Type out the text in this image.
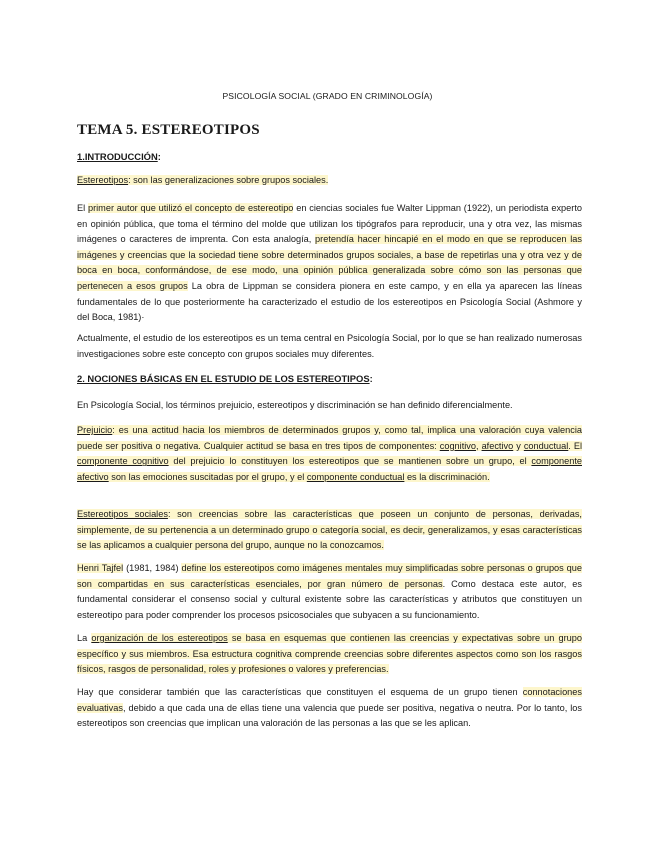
PSICOLOGÍA SOCIAL (GRADO EN CRIMINOLOGÍA)
TEMA 5. ESTEREOTIPOS
1.INTRODUCCIÓN:

Estereotipos: son las generalizaciones sobre grupos sociales.

El primer autor que utilizó el concepto de estereotipo en ciencias sociales fue Walter Lippman (1922), un periodista experto en opinión pública, que toma el término del molde que utilizan los tipógrafos para reproducir, una y otra vez, las mismas imágenes o caracteres de imprenta. Con esta analogía, pretendía hacer hincapié en el modo en que se reproducen las imágenes y creencias que la sociedad tiene sobre determinados grupos sociales, a base de repetirlas una y otra vez y de boca en boca, conformándose, de ese modo, una opinión pública generalizada sobre cómo son las personas que pertenecen a esos grupos La obra de Lippman se considera pionera en este campo, y en ella ya aparecen las líneas fundamentales de lo que posteriormente ha caracterizado el estudio de los estereotipos en Psicología Social (Ashmore y del Boca, 1981)·

Actualmente, el estudio de los estereotipos es un tema central en Psicología Social, por lo que se han realizado numerosas investigaciones sobre este concepto con grupos sociales muy diferentes.

2. NOCIONES BÁSICAS EN EL ESTUDIO DE LOS ESTEREOTIPOS:

En Psicología Social, los términos prejuicio, estereotipos y discriminación se han definido diferencialmente.

Prejuicio: es una actitud hacia los miembros de determinados grupos y, como tal, implica una valoración cuya valencia puede ser positiva o negativa. Cualquier actitud se basa en tres tipos de componentes: cognitivo, afectivo y conductual. El componente cognitivo del prejuicio lo constituyen los estereotipos que se mantienen sobre un grupo, el componente afectivo son las emociones suscitadas por el grupo, y el componente conductual es la discriminación.

Estereotipos sociales: son creencias sobre las características que poseen un conjunto de personas, derivadas, simplemente, de su pertenencia a un determinado grupo o categoría social, es decir, generalizamos, y esas características se las aplicamos a cualquier persona del grupo, aunque no la conozcamos.

Henri Tajfel (1981, 1984) define los estereotipos como imágenes mentales muy simplificadas sobre personas o grupos que son compartidas en sus características esenciales, por gran número de personas. Como destaca este autor, es fundamental considerar el consenso social y cultural existente sobre las características y atributos que constituyen un estereotipo para poder comprender los procesos psicosociales que subyacen a su funcionamiento.

La organización de los estereotipos se basa en esquemas que contienen las creencias y expectativas sobre un grupo específico y sus miembros. Esa estructura cognitiva comprende creencias sobre diferentes aspectos como son los rasgos físicos, rasgos de personalidad, roles y profesiones o valores y preferencias.

Hay que considerar también que las características que constituyen el esquema de un grupo tienen connotaciones evaluativas, debido a que cada una de ellas tiene una valencia que puede ser positiva, negativa o neutra. Por lo tanto, los estereotipos son creencias que implican una valoración de las personas a las que se les aplican.
